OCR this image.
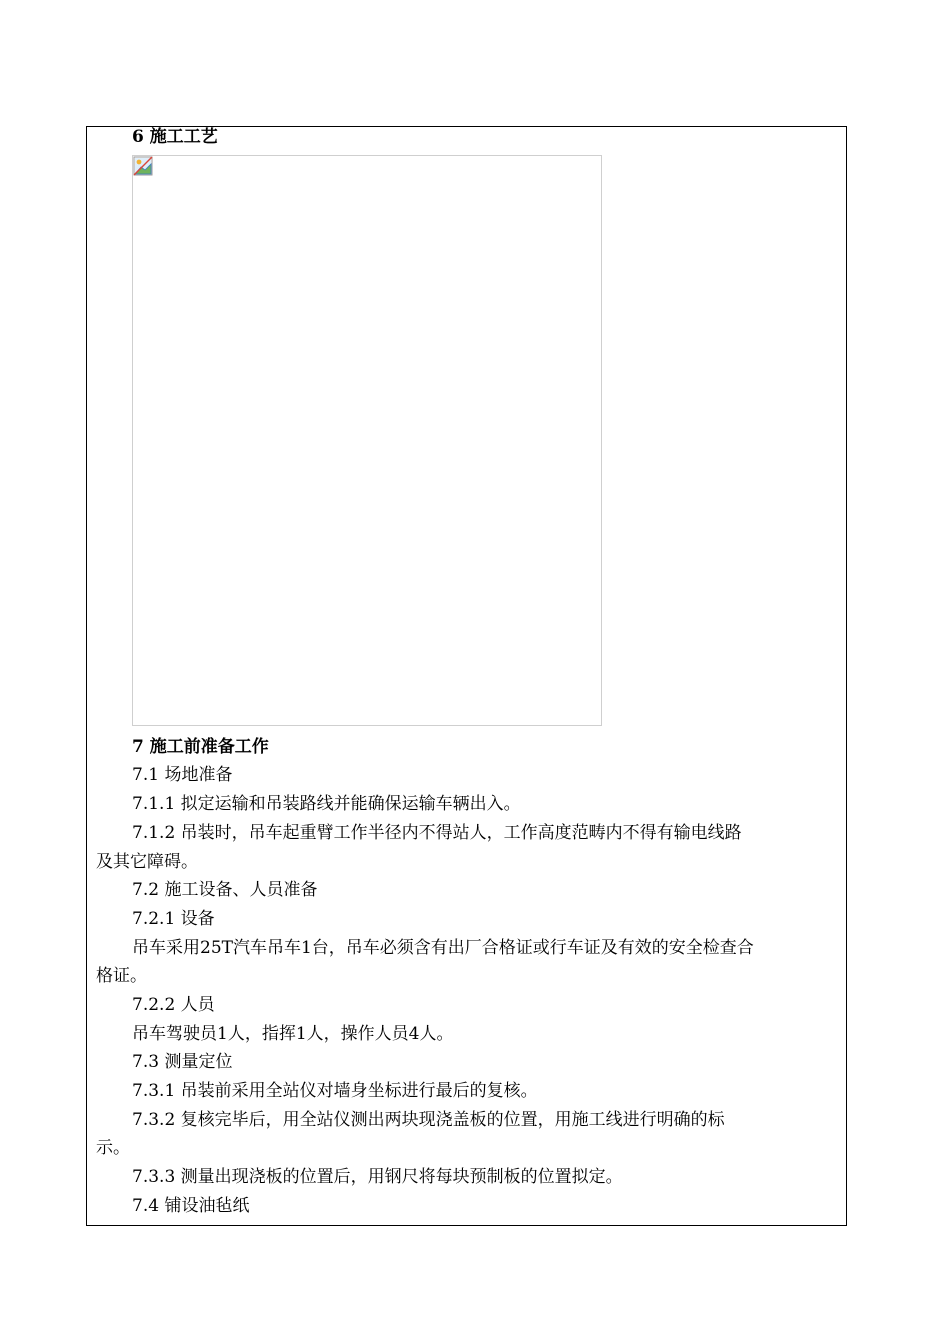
6 施工工艺
7 施工前准备工作
7.1 场地准备
7.1.1 拟定运输和吊装路线并能确保运输车辆出入。
7.1.2 吊装时，吊车起重臂工作半径内不得站人，工作高度范畴内不得有输电线路
及其它障碍。
7.2 施工设备、人员准备
7.2.1 设备
吊车采用25T汽车吊车1台，吊车必须含有出厂合格证或行车证及有效的安全检查合
格证。
7.2.2 人员
吊车驾驶员1人，指挥1人，操作人员4人。
7.3 测量定位
7.3.1 吊装前采用全站仪对墙身坐标进行最后的复核。
7.3.2 复核完毕后，用全站仪测出两块现浇盖板的位置，用施工线进行明确的标
示。
7.3.3 测量出现浇板的位置后，用钢尺将每块预制板的位置拟定。
7.4 铺设油毡纸
